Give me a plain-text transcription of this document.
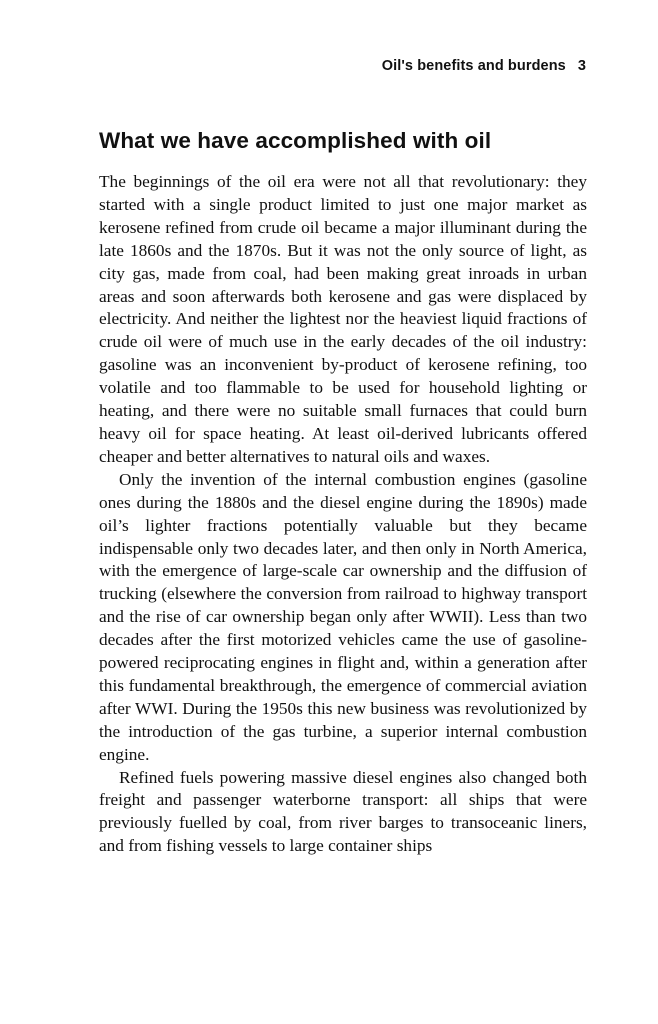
Oil's benefits and burdens 3
What we have accomplished with oil

The beginnings of the oil era were not all that revolutionary: they started with a single product limited to just one major market as kerosene refined from crude oil became a major illuminant during the late 1860s and the 1870s. But it was not the only source of light, as city gas, made from coal, had been making great inroads in urban areas and soon afterwards both kerosene and gas were displaced by electricity. And neither the lightest nor the heaviest liquid fractions of crude oil were of much use in the early decades of the oil industry: gasoline was an inconvenient by-product of kerosene refining, too volatile and too flammable to be used for household lighting or heating, and there were no suitable small furnaces that could burn heavy oil for space heating. At least oil-derived lubricants offered cheaper and better alternatives to natural oils and waxes.

Only the invention of the internal combustion engines (gasoline ones during the 1880s and the diesel engine during the 1890s) made oil’s lighter fractions potentially valuable but they became indispensable only two decades later, and then only in North America, with the emergence of large-scale car ownership and the diffusion of trucking (elsewhere the conversion from railroad to highway transport and the rise of car ownership began only after WWII). Less than two decades after the first motorized vehicles came the use of gasoline-powered reciprocating engines in flight and, within a generation after this fundamental breakthrough, the emergence of commercial aviation after WWI. During the 1950s this new business was revolutionized by the introduction of the gas turbine, a superior internal combustion engine.

Refined fuels powering massive diesel engines also changed both freight and passenger waterborne transport: all ships that were previously fuelled by coal, from river barges to transoceanic liners, and from fishing vessels to large container ships
